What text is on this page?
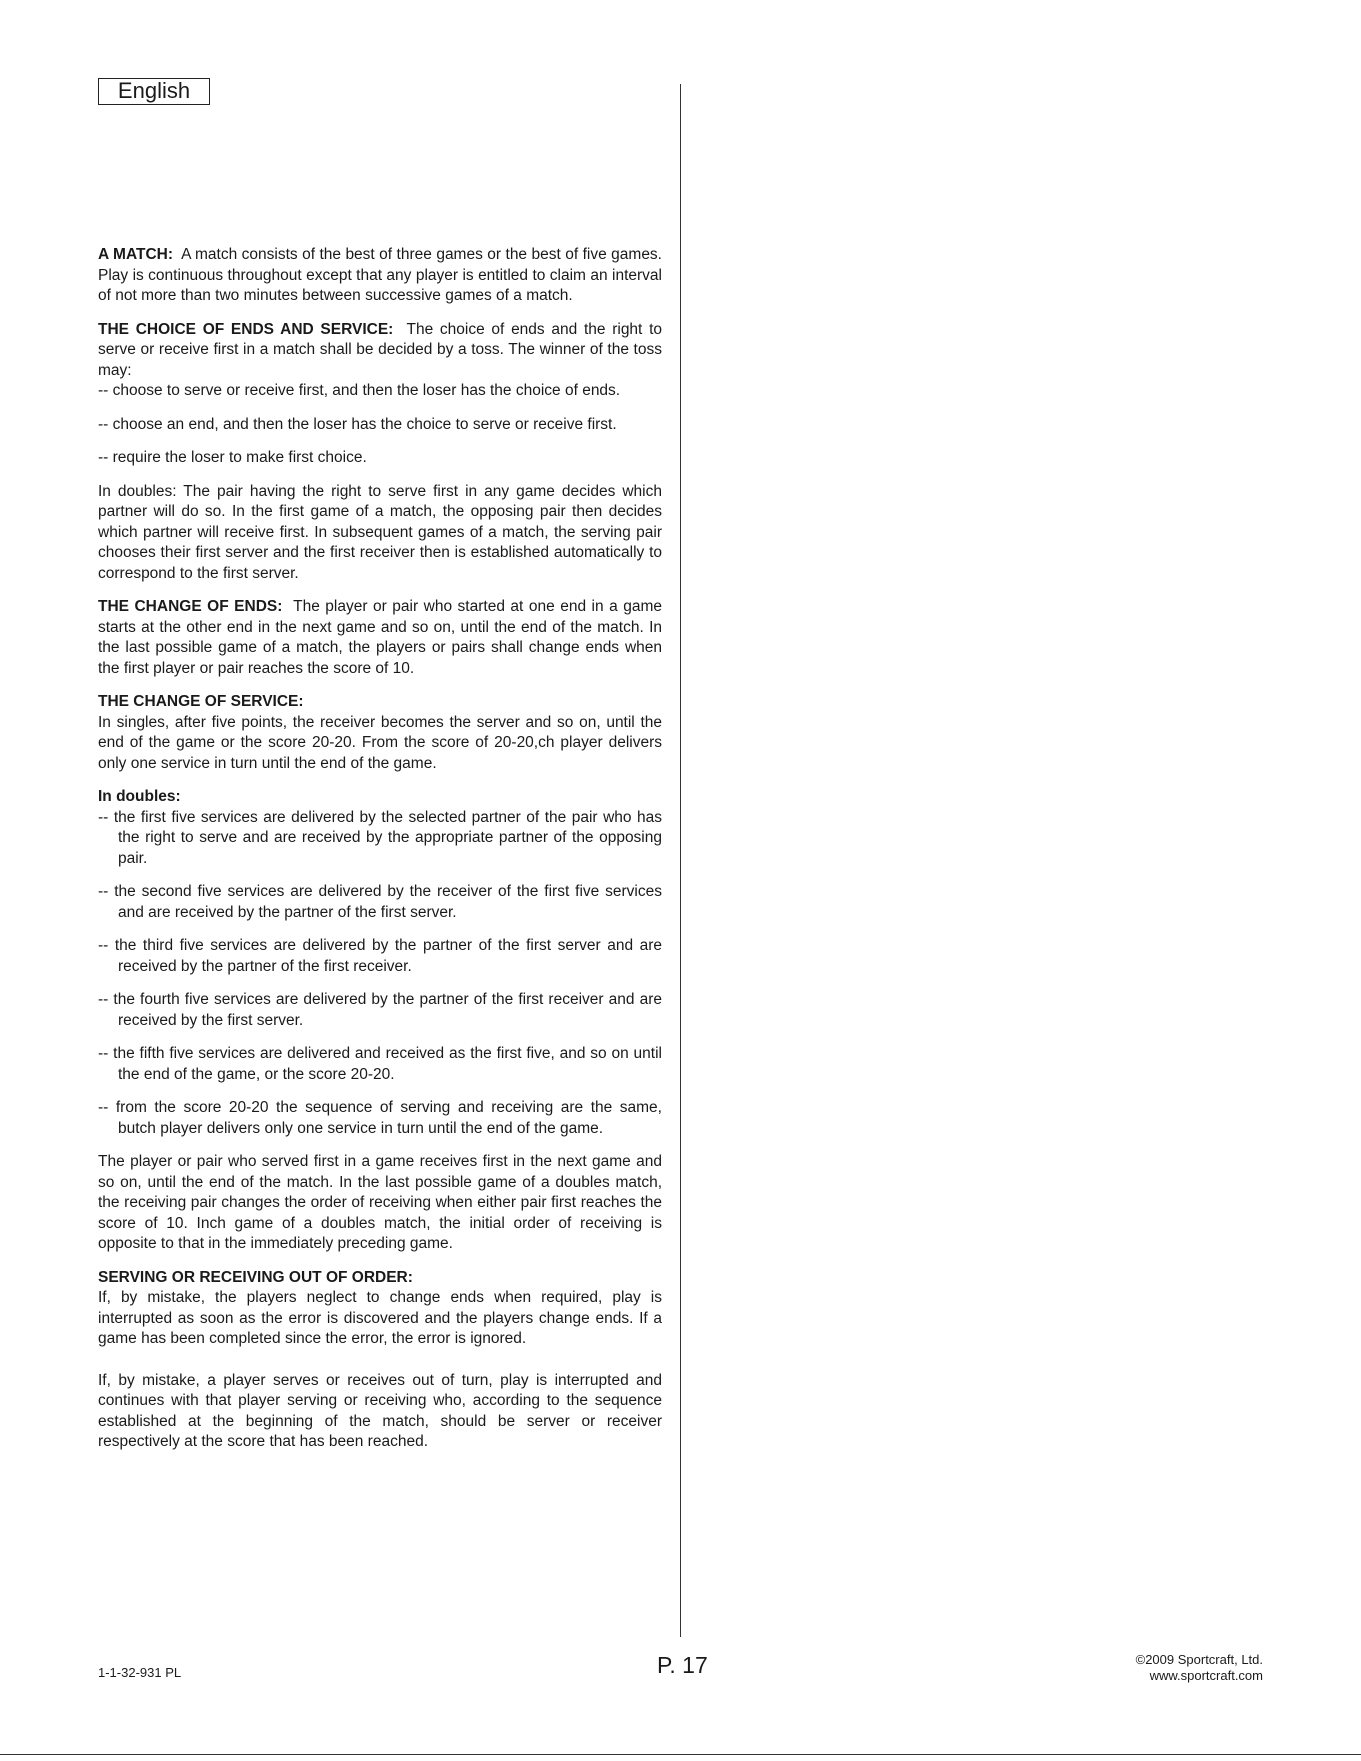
English

A MATCH: A match consists of the best of three games or the best of five games. Play is continuous throughout except that any player is entitled to claim an interval of not more than two minutes between successive games of a match.

THE CHOICE OF ENDS AND SERVICE: The choice of ends and the right to serve or receive first in a match shall be decided by a toss. The winner of the toss may:

-- choose to serve or receive first, and then the loser has the choice of ends.

-- choose an end, and then the loser has the choice to serve or receive first.

-- require the loser to make first choice.

In doubles: The pair having the right to serve first in any game decides which partner will do so. In the first game of a match, the opposing pair then decides which partner will receive first. In subsequent games of a match, the serving pair chooses their first server and the first receiver then is established automatically to correspond to the first server.

THE CHANGE OF ENDS: The player or pair who started at one end in a game starts at the other end in the next game and so on, until the end of the match. In the last possible game of a match, the players or pairs shall change ends when the first player or pair reaches the score of 10.

THE CHANGE OF SERVICE:

In singles, after five points, the receiver becomes the server and so on, until the end of the game or the score 20-20. From the score of 20-20,ch player delivers only one service in turn until the end of the game.

In doubles:

-- the first five services are delivered by the selected partner of the pair who has the right to serve and are received by the appropriate partner of the opposing pair.

-- the second five services are delivered by the receiver of the first five services and are received by the partner of the first server.

-- the third five services are delivered by the partner of the first server and are received by the partner of the first receiver.

-- the fourth five services are delivered by the partner of the first receiver and are received by the first server.

-- the fifth five services are delivered and received as the first five, and so on until the end of the game, or the score 20-20.

-- from the score 20-20 the sequence of serving and receiving are the same, butch player delivers only one service in turn until the end of the game.

The player or pair who served first in a game receives first in the next game and so on, until the end of the match. In the last possible game of a doubles match, the receiving pair changes the order of receiving when either pair first reaches the score of 10. Inch game of a doubles match, the initial order of receiving is opposite to that in the immediately preceding game.

SERVING OR RECEIVING OUT OF ORDER:

If, by mistake, the players neglect to change ends when required, play is interrupted as soon as the error is discovered and the players change ends. If a game has been completed since the error, the error is ignored.

If, by mistake, a player serves or receives out of turn, play is interrupted and continues with that player serving or receiving who, according to the sequence established at the beginning of the match, should be server or receiver respectively at the score that has been reached.

1-1-32-931 PL	P. 17	©2009 Sportcraft, Ltd.
www.sportcraft.com
